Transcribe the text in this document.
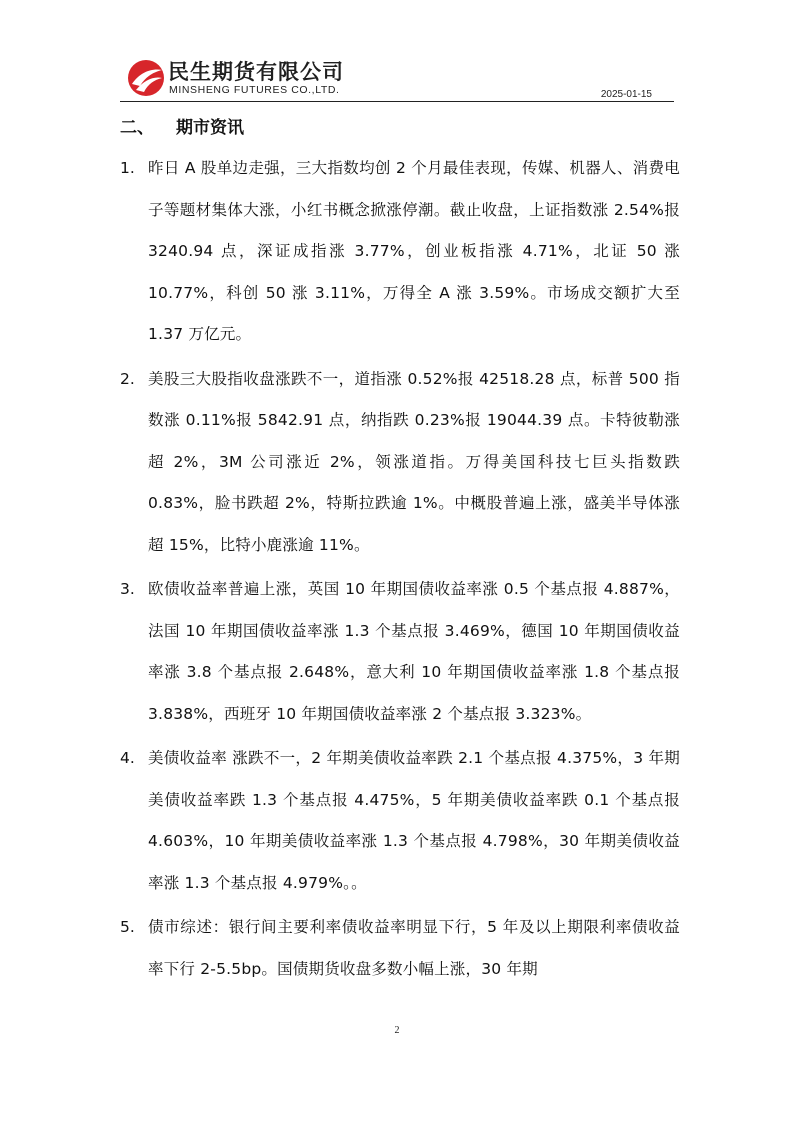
民生期货有限公司
MINSHENG FUTURES CO.,LTD.	2025-01-15
二、 期市资讯
1. 昨日 A 股单边走强，三大指数均创 2 个月最佳表现，传媒、机器人、消费电子等题材集体大涨，小红书概念掀涨停潮。截止收盘，上证指数涨 2.54%报 3240.94 点，深证成指涨 3.77%，创业板指涨 4.71%，北证 50 涨 10.77%，科创 50 涨 3.11%，万得全 A 涨 3.59%。市场成交额扩大至 1.37 万亿元。
2. 美股三大股指收盘涨跌不一，道指涨 0.52%报 42518.28 点，标普 500 指数涨 0.11%报 5842.91 点，纳指跌 0.23%报 19044.39 点。卡特彼勒涨超 2%，3M 公司涨近 2%，领涨道指。万得美国科技七巨头指数跌 0.83%，脸书跌超 2%，特斯拉跌逾 1%。中概股普遍上涨，盛美半导体涨超 15%，比特小鹿涨逾 11%。
3. 欧债收益率普遍上涨，英国 10 年期国债收益率涨 0.5 个基点报 4.887%，法国 10 年期国债收益率涨 1.3 个基点报 3.469%，德国 10 年期国债收益率涨 3.8 个基点报 2.648%，意大利 10 年期国债收益率涨 1.8 个基点报 3.838%，西班牙 10 年期国债收益率涨 2 个基点报 3.323%。
4. 美债收益率 涨跌不一，2 年期美债收益率跌 2.1 个基点报 4.375%，3 年期美债收益率跌 1.3 个基点报 4.475%，5 年期美债收益率跌 0.1 个基点报 4.603%，10 年期美债收益率涨 1.3 个基点报 4.798%，30 年期美债收益率涨 1.3 个基点报 4.979%。。
5. 债市综述：银行间主要利率债收益率明显下行，5 年及以上期限利率债收益率下行 2-5.5bp。国债期货收盘多数小幅上涨，30 年期
2
